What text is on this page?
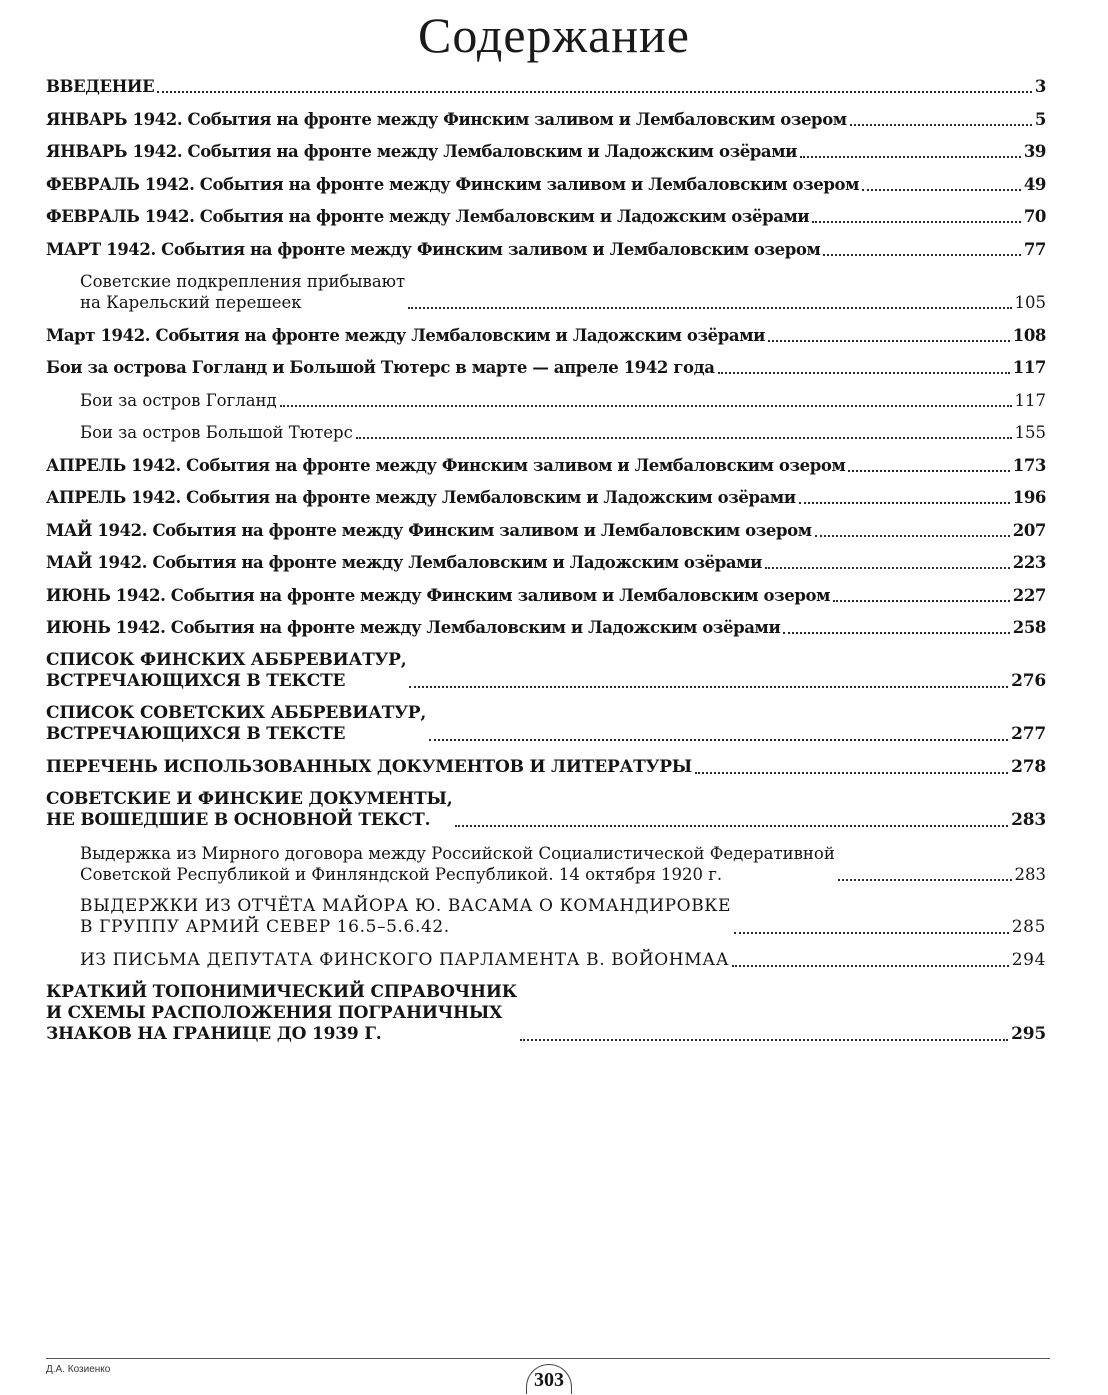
Содержание
ВВЕДЕНИЕ	3
ЯНВАРЬ 1942. События на фронте между Финским заливом и Лембаловским озером	5
ЯНВАРЬ 1942. События на фронте между Лембаловским и Ладожским озёрами	39
ФЕВРАЛЬ 1942. События на фронте между Финским заливом и Лембаловским озером	49
ФЕВРАЛЬ 1942. События на фронте между Лембаловским и Ладожским озёрами	70
МАРТ 1942. События на фронте между Финским заливом и Лембаловским озером	77
Советские подкрепления прибывают
на Карельский перешеек	105
Март 1942. События на фронте между Лембаловским и Ладожским озёрами	108
Бои за острова Гогланд и Большой Тютерс в марте — апреле 1942 года	117
Бои за остров Гогланд	117
Бои за остров Большой Тютерс	155
АПРЕЛЬ 1942. События на фронте между Финским заливом и Лембаловским озером	173
АПРЕЛЬ 1942. События на фронте между Лембаловским и Ладожским озёрами	196
МАЙ 1942. События на фронте между Финским заливом и Лембаловским озером	207
МАЙ 1942. События на фронте между Лембаловским и Ладожским озёрами	223
ИЮНЬ 1942. События на фронте между Финским заливом и Лембаловским озером	227
ИЮНЬ 1942. События на фронте между Лембаловским и Ладожским озёрами	258
СПИСОК ФИНСКИХ АББРЕВИАТУР,
ВСТРЕЧАЮЩИХСЯ В ТЕКСТЕ	276
СПИСОК СОВЕТСКИХ АББРЕВИАТУР,
ВСТРЕЧАЮЩИХСЯ В ТЕКСТЕ	277
ПЕРЕЧЕНЬ ИСПОЛЬЗОВАННЫХ ДОКУМЕНТОВ И ЛИТЕРАТУРЫ	278
СОВЕТСКИЕ И ФИНСКИЕ ДОКУМЕНТЫ,
НЕ ВОШЕДШИЕ В ОСНОВНОЙ ТЕКСТ.	283
Выдержка из Мирного договора между Российской Социалистической Федеративной
Советской Республикой и Финляндской Республикой. 14 октября 1920 г.	283
ВЫДЕРЖКИ ИЗ ОТЧЁТА МАЙОРА Ю. ВАСАМА О КОМАНДИРОВКЕ
В ГРУППУ АРМИЙ СЕВЕР 16.5–5.6.42.	285
ИЗ ПИСЬМА ДЕПУТАТА ФИНСКОГО ПАРЛАМЕНТА В. ВОЙОНМАА	294
КРАТКИЙ ТОПОНИМИЧЕСКИЙ СПРАВОЧНИК
И СХЕМЫ РАСПОЛОЖЕНИЯ ПОГРАНИЧНЫХ
ЗНАКОВ НА ГРАНИЦЕ ДО 1939 Г.	295
Д.А. Козиенко	303
